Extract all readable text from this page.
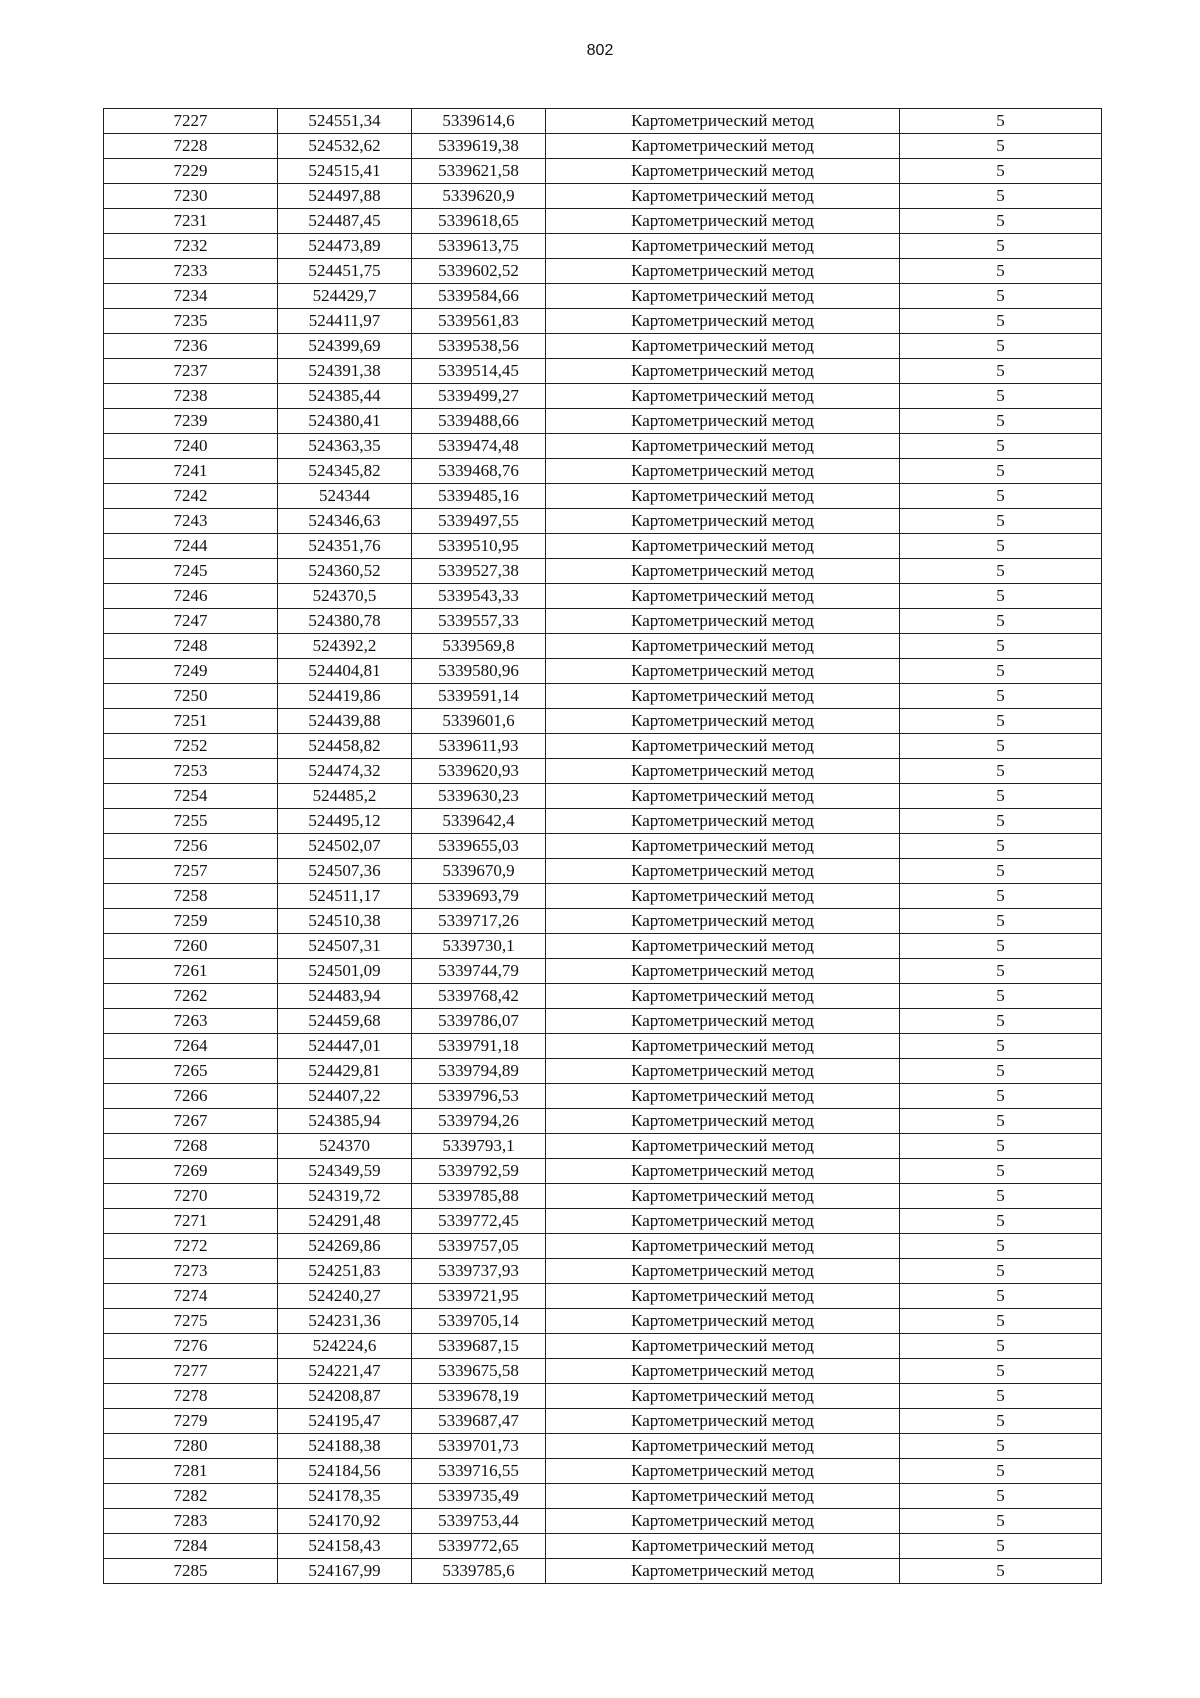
802
7227	524551,34	5339614,6	Картометрический метод	5
7228	524532,62	5339619,38	Картометрический метод	5
7229	524515,41	5339621,58	Картометрический метод	5
7230	524497,88	5339620,9	Картометрический метод	5
7231	524487,45	5339618,65	Картометрический метод	5
7232	524473,89	5339613,75	Картометрический метод	5
7233	524451,75	5339602,52	Картометрический метод	5
7234	524429,7	5339584,66	Картометрический метод	5
7235	524411,97	5339561,83	Картометрический метод	5
7236	524399,69	5339538,56	Картометрический метод	5
7237	524391,38	5339514,45	Картометрический метод	5
7238	524385,44	5339499,27	Картометрический метод	5
7239	524380,41	5339488,66	Картометрический метод	5
7240	524363,35	5339474,48	Картометрический метод	5
7241	524345,82	5339468,76	Картометрический метод	5
7242	524344	5339485,16	Картометрический метод	5
7243	524346,63	5339497,55	Картометрический метод	5
7244	524351,76	5339510,95	Картометрический метод	5
7245	524360,52	5339527,38	Картометрический метод	5
7246	524370,5	5339543,33	Картометрический метод	5
7247	524380,78	5339557,33	Картометрический метод	5
7248	524392,2	5339569,8	Картометрический метод	5
7249	524404,81	5339580,96	Картометрический метод	5
7250	524419,86	5339591,14	Картометрический метод	5
7251	524439,88	5339601,6	Картометрический метод	5
7252	524458,82	5339611,93	Картометрический метод	5
7253	524474,32	5339620,93	Картометрический метод	5
7254	524485,2	5339630,23	Картометрический метод	5
7255	524495,12	5339642,4	Картометрический метод	5
7256	524502,07	5339655,03	Картометрический метод	5
7257	524507,36	5339670,9	Картометрический метод	5
7258	524511,17	5339693,79	Картометрический метод	5
7259	524510,38	5339717,26	Картометрический метод	5
7260	524507,31	5339730,1	Картометрический метод	5
7261	524501,09	5339744,79	Картометрический метод	5
7262	524483,94	5339768,42	Картометрический метод	5
7263	524459,68	5339786,07	Картометрический метод	5
7264	524447,01	5339791,18	Картометрический метод	5
7265	524429,81	5339794,89	Картометрический метод	5
7266	524407,22	5339796,53	Картометрический метод	5
7267	524385,94	5339794,26	Картометрический метод	5
7268	524370	5339793,1	Картометрический метод	5
7269	524349,59	5339792,59	Картометрический метод	5
7270	524319,72	5339785,88	Картометрический метод	5
7271	524291,48	5339772,45	Картометрический метод	5
7272	524269,86	5339757,05	Картометрический метод	5
7273	524251,83	5339737,93	Картометрический метод	5
7274	524240,27	5339721,95	Картометрический метод	5
7275	524231,36	5339705,14	Картометрический метод	5
7276	524224,6	5339687,15	Картометрический метод	5
7277	524221,47	5339675,58	Картометрический метод	5
7278	524208,87	5339678,19	Картометрический метод	5
7279	524195,47	5339687,47	Картометрический метод	5
7280	524188,38	5339701,73	Картометрический метод	5
7281	524184,56	5339716,55	Картометрический метод	5
7282	524178,35	5339735,49	Картометрический метод	5
7283	524170,92	5339753,44	Картометрический метод	5
7284	524158,43	5339772,65	Картометрический метод	5
7285	524167,99	5339785,6	Картометрический метод	5
